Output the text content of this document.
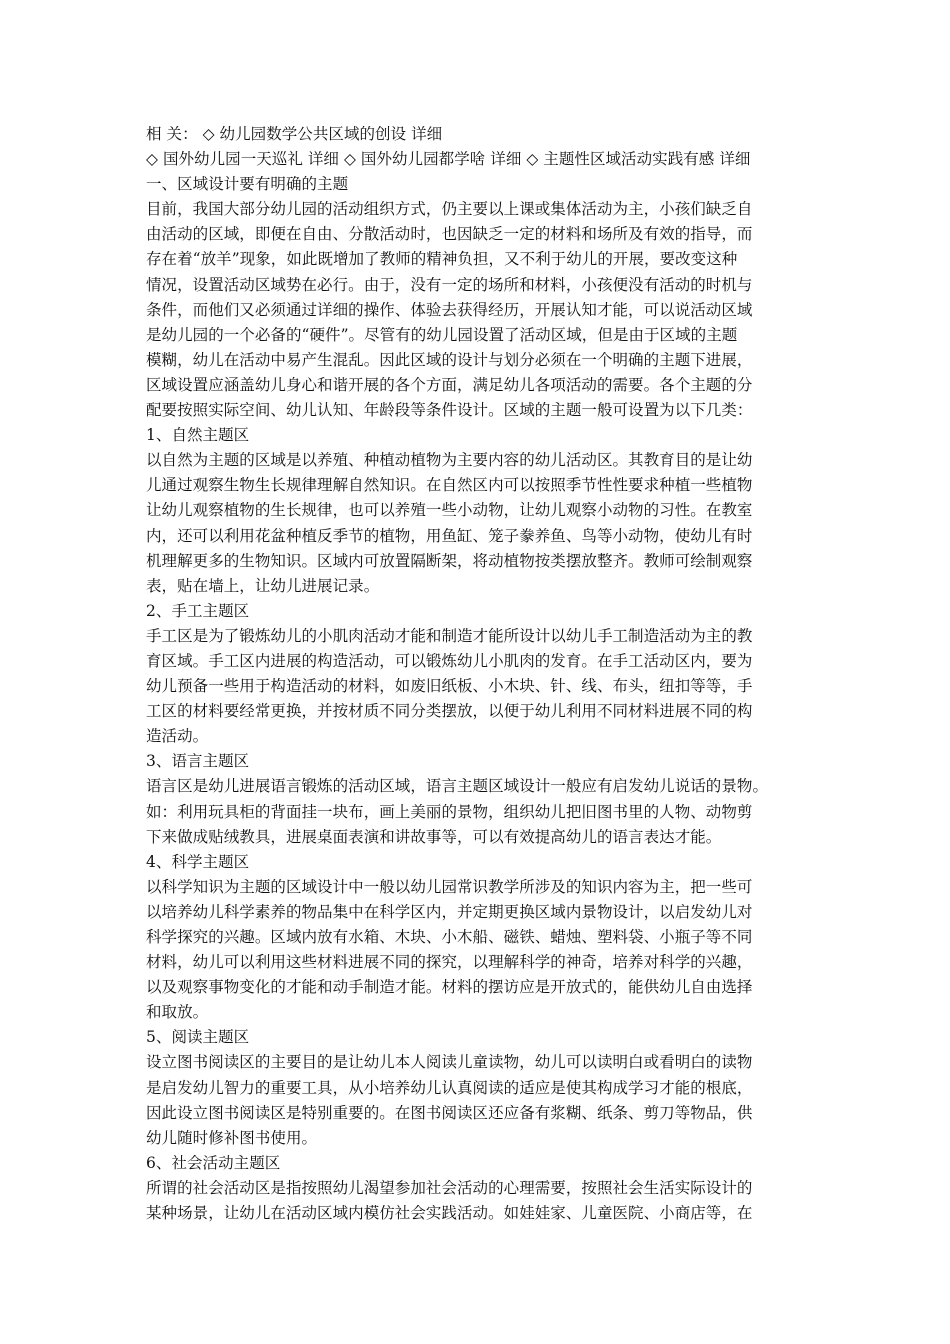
相 关： ◇ 幼儿园数学公共区域的创设 详细
◇ 国外幼儿园一天巡礼 详细 ◇ 国外幼儿园都学啥 详细 ◇ 主题性区域活动实践有感 详细
一、区域设计要有明确的主题
目前，我国大部分幼儿园的活动组织方式，仍主要以上课或集体活动为主，小孩们缺乏自
由活动的区域，即便在自由、分散活动时，也因缺乏一定的材料和场所及有效的指导，而
存在着“放羊”现象，如此既增加了教师的精神负担，又不利于幼儿的开展，要改变这种
情况，设置活动区域势在必行。由于，没有一定的场所和材料，小孩便没有活动的时机与
条件，而他们又必须通过详细的操作、体验去获得经历，开展认知才能，可以说活动区域
是幼儿园的一个必备的“硬件”。尽管有的幼儿园设置了活动区域，但是由于区域的主题
模糊，幼儿在活动中易产生混乱。因此区域的设计与划分必须在一个明确的主题下进展，
区域设置应涵盖幼儿身心和谐开展的各个方面，满足幼儿各项活动的需要。各个主题的分
配要按照实际空间、幼儿认知、年龄段等条件设计。区域的主题一般可设置为以下几类：
1、自然主题区
以自然为主题的区域是以养殖、种植动植物为主要内容的幼儿活动区。其教育目的是让幼
儿通过观察生物生长规律理解自然知识。在自然区内可以按照季节性性要求种植一些植物
让幼儿观察植物的生长规律，也可以养殖一些小动物，让幼儿观察小动物的习性。在教室
内，还可以利用花盆种植反季节的植物，用鱼缸、笼子豢养鱼、鸟等小动物，使幼儿有时
机理解更多的生物知识。区域内可放置隔断架，将动植物按类摆放整齐。教师可绘制观察
表，贴在墙上，让幼儿进展记录。
2、手工主题区
手工区是为了锻炼幼儿的小肌肉活动才能和制造才能所设计以幼儿手工制造活动为主的教
育区域。手工区内进展的构造活动，可以锻炼幼儿小肌肉的发育。在手工活动区内，要为
幼儿预备一些用于构造活动的材料，如废旧纸板、小木块、针、线、布头，纽扣等等，手
工区的材料要经常更换，并按材质不同分类摆放，以便于幼儿利用不同材料进展不同的构
造活动。
3、语言主题区
语言区是幼儿进展语言锻炼的活动区域，语言主题区域设计一般应有启发幼儿说话的景物。
如：利用玩具柜的背面挂一块布，画上美丽的景物，组织幼儿把旧图书里的人物、动物剪
下来做成贴绒教具，进展桌面表演和讲故事等，可以有效提高幼儿的语言表达才能。
4、科学主题区
以科学知识为主题的区域设计中一般以幼儿园常识教学所涉及的知识内容为主，把一些可
以培养幼儿科学素养的物品集中在科学区内，并定期更换区域内景物设计，以启发幼儿对
科学探究的兴趣。区域内放有水箱、木块、小木船、磁铁、蜡烛、塑料袋、小瓶子等不同
材料，幼儿可以利用这些材料进展不同的探究，以理解科学的神奇，培养对科学的兴趣，
以及观察事物变化的才能和动手制造才能。材料的摆访应是开放式的，能供幼儿自由选择
和取放。
5、阅读主题区
设立图书阅读区的主要目的是让幼儿本人阅读儿童读物，幼儿可以读明白或看明白的读物
是启发幼儿智力的重要工具，从小培养幼儿认真阅读的适应是使其构成学习才能的根底，
因此设立图书阅读区是特别重要的。在图书阅读区还应备有浆糊、纸条、剪刀等物品，供
幼儿随时修补图书使用。
6、社会活动主题区
所谓的社会活动区是指按照幼儿渴望参加社会活动的心理需要，按照社会生活实际设计的
某种场景，让幼儿在活动区域内模仿社会实践活动。如娃娃家、儿童医院、小商店等，在
